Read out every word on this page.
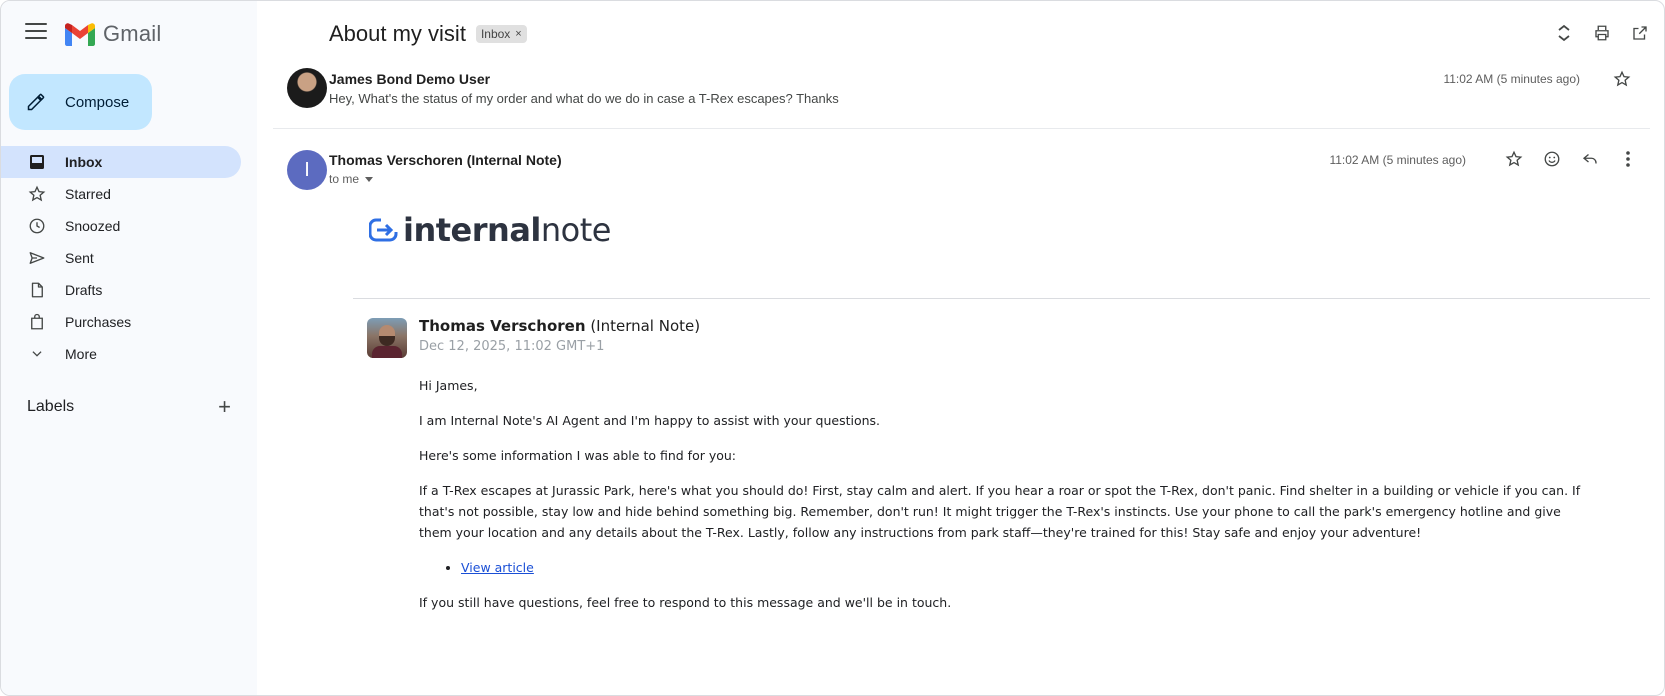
Gmail
Compose
Inbox
Starred
Snoozed
Sent
Drafts
Purchases
More
Labels	+
About my visit Inbox ×
James Bond Demo User
Hey, What's the status of my order and what do we do in case a T-Rex escapes? Thanks
11:02 AM (5 minutes ago)
I	Thomas Verschoren (Internal Note)
to me
11:02 AM (5 minutes ago)
internalnote
Thomas Verschoren (Internal Note)
Dec 12, 2025, 11:02 GMT+1

Hi James,

I am Internal Note's AI Agent and I'm happy to assist with your questions.

Here's some information I was able to find for you:

If a T-Rex escapes at Jurassic Park, here's what you should do! First, stay calm and alert. If you hear a roar or spot the T-Rex, don't panic. Find shelter in a building or vehicle if you can. If that's not possible, stay low and hide behind something big. Remember, don't run! It might trigger the T-Rex's instincts. Use your phone to call the park's emergency hotline and give them your location and any details about the T-Rex. Lastly, follow any instructions from park staff—they're trained for this! Stay safe and enjoy your adventure!

• View article

If you still have questions, feel free to respond to this message and we'll be in touch.
